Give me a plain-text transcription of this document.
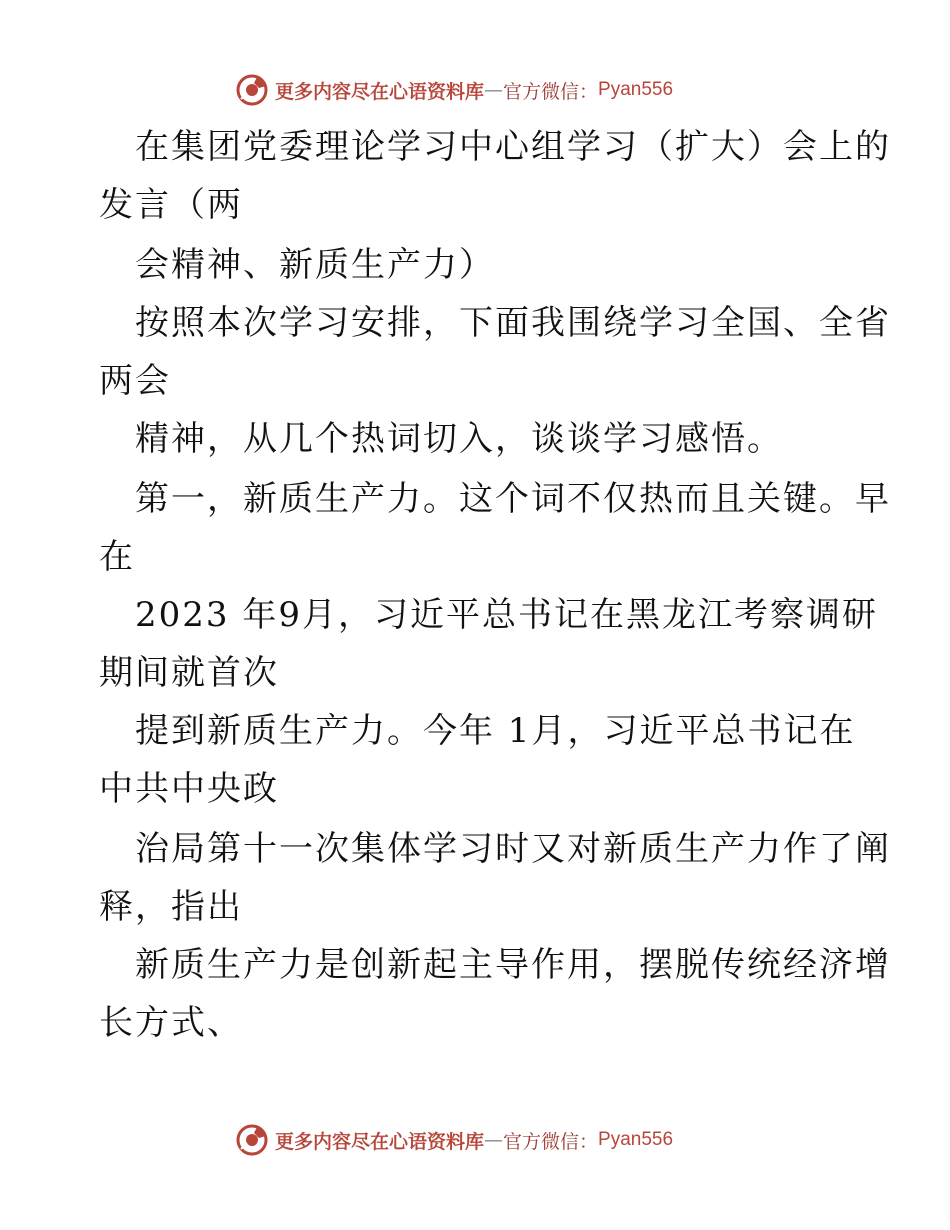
更多内容尽在心语资料库 — 官方微信： Pyan556
在集团党委理论学习中心组学习（扩大）会上的
发言（两
会精神、新质生产力）
按照本次学习安排，下面我围绕学习全国、全省
两会
精神，从几个热词切入，谈谈学习感悟。
第一，新质生产力。这个词不仅热而且关键。早
在
2023 年9月，习近平总书记在黑龙江考察调研
期间就首次
提到新质生产力。今年 1月，习近平总书记在
中共中央政
治局第十一次集体学习时又对新质生产力作了阐
释，指出
新质生产力是创新起主导作用，摆脱传统经济增
长方式、
更多内容尽在心语资料库 — 官方微信： Pyan556
